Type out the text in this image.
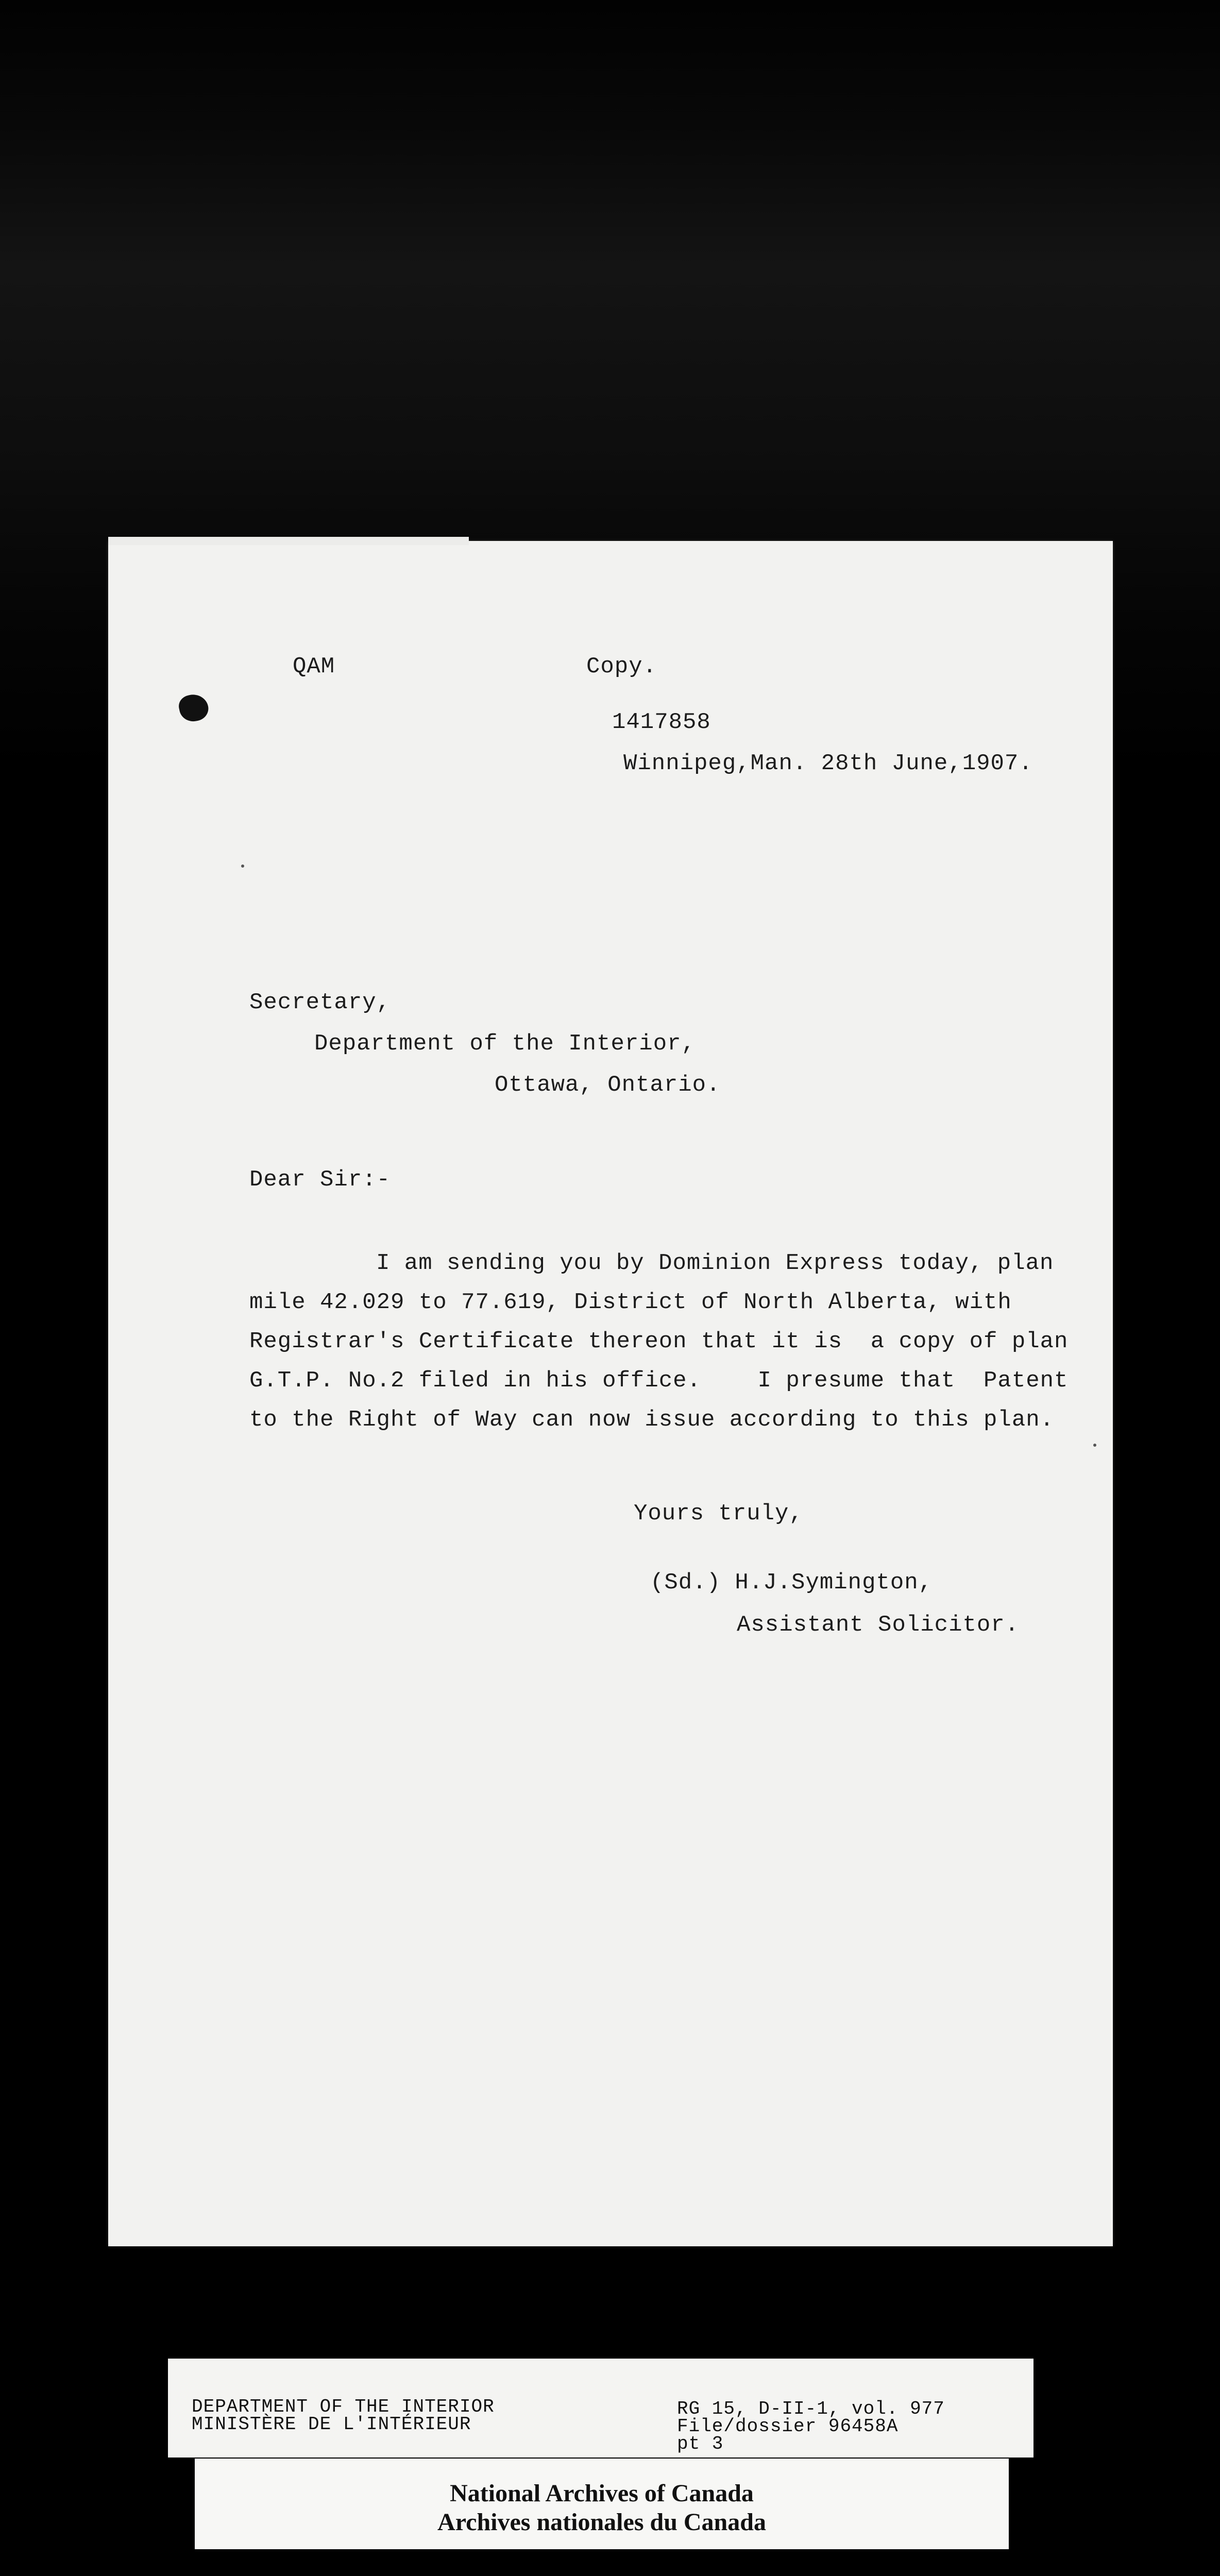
QAM	Copy.
1417858
Winnipeg,Man. 28th June,1907.
Secretary,
Department of the Interior,
Ottawa, Ontario.
Dear Sir:-
I am sending you by Dominion Express today, plan
mile 42.029 to 77.619, District of North Alberta, with
Registrar's Certificate thereon that it is  a copy of plan
G.T.P. No.2 filed in his office.    I presume that  Patent
to the Right of Way can now issue according to this plan.
Yours truly,
(Sd.) H.J.Symington,
Assistant Solicitor.
DEPARTMENT OF THE INTERIOR
MINISTÈRE DE L'INTÉRIEUR
RG 15, D-II-1, vol. 977
File/dossier 96458A
pt 3
National Archives of Canada
Archives nationales du Canada
